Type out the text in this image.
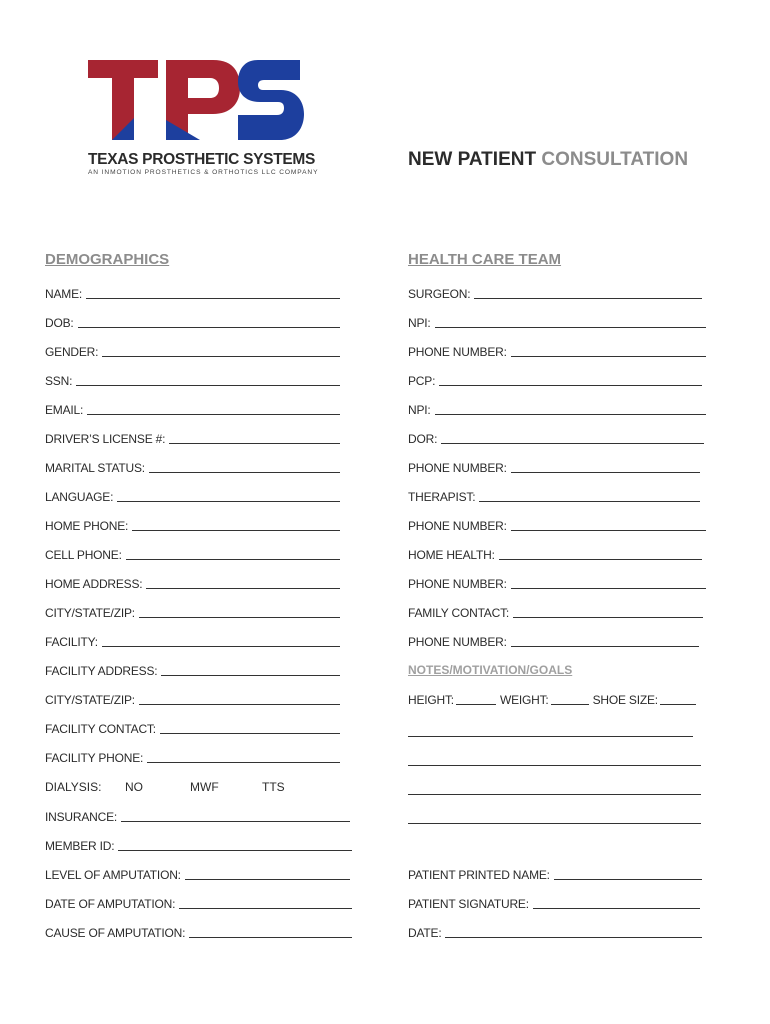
TEXAS PROSTHETIC SYSTEMS
AN INMOTION PROSTHETICS & ORTHOTICS LLC COMPANY
NEW PATIENT CONSULTATION
DEMOGRAPHICS	HEALTH CARE TEAM
NAME:
DOB:
GENDER:
SSN:
EMAIL:
DRIVER’S LICENSE #:
MARITAL STATUS:
LANGUAGE:
HOME PHONE:
CELL PHONE:
HOME ADDRESS:
CITY/STATE/ZIP:
FACILITY:
FACILITY ADDRESS:
CITY/STATE/ZIP:
FACILITY CONTACT:
FACILITY PHONE:
DIALYSIS: NO	MWF	TTS
INSURANCE:
MEMBER ID:
LEVEL OF AMPUTATION:
DATE OF AMPUTATION:
CAUSE OF AMPUTATION:
SURGEON:
NPI:
PHONE NUMBER:
PCP:
NPI:
DOR:
PHONE NUMBER:
THERAPIST:
PHONE NUMBER:
HOME HEALTH:
PHONE NUMBER:
FAMILY CONTACT:
PHONE NUMBER:
NOTES/MOTIVATION/GOALS
HEIGHT:	WEIGHT:	SHOE SIZE:
PATIENT PRINTED NAME:
PATIENT SIGNATURE:
DATE:
